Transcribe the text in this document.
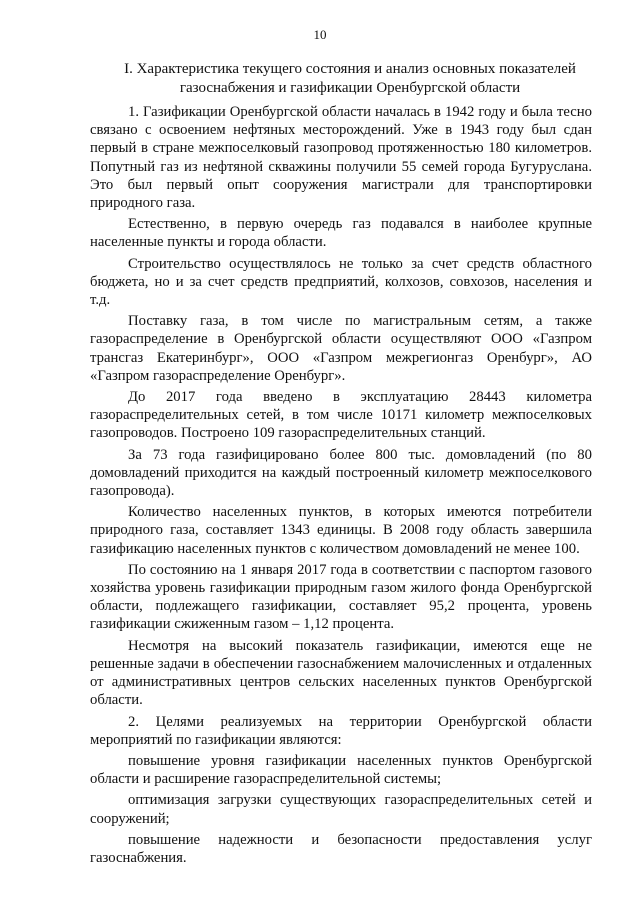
10
I. Характеристика текущего состояния и анализ основных показателей газоснабжения и газификации Оренбургской области

1. Газификации Оренбургской области началась в 1942 году и была тесно связано с освоением нефтяных месторождений. Уже в 1943 году был сдан первый в стране межпоселковый газопровод протяженностью 180 километров. Попутный газ из нефтяной скважины получили 55 семей города Бугуруслана. Это был первый опыт сооружения магистрали для транспортировки природного газа.

Естественно, в первую очередь газ подавался в наиболее крупные населенные пункты и города области.

Строительство осуществлялось не только за счет средств областного бюджета, но и за счет средств предприятий, колхозов, совхозов, населения и т.д.

Поставку газа, в том числе по магистральным сетям, а также газораспределение в Оренбургской области осуществляют ООО «Газпром трансгаз Екатеринбург», ООО «Газпром межрегионгаз Оренбург», АО «Газпром газораспределение Оренбург».

До 2017 года введено в эксплуатацию 28443 километра газораспределительных сетей, в том числе 10171 километр межпоселковых газопроводов. Построено 109 газораспределительных станций.

За 73 года газифицировано более 800 тыс. домовладений (по 80 домовладений приходится на каждый построенный километр межпоселкового газопровода).

Количество населенных пунктов, в которых имеются потребители природного газа, составляет 1343 единицы. В 2008 году область завершила газификацию населенных пунктов с количеством домовладений не менее 100.

По состоянию на 1 января 2017 года в соответствии с паспортом газового хозяйства уровень газификации природным газом жилого фонда Оренбургской области, подлежащего газификации, составляет 95,2 процента, уровень газификации сжиженным газом – 1,12 процента.

Несмотря на высокий показатель газификации, имеются еще не решенные задачи в обеспечении газоснабжением малочисленных и отдаленных от административных центров сельских населенных пунктов Оренбургской области.

2. Целями реализуемых на территории Оренбургской области мероприятий по газификации являются:

повышение уровня газификации населенных пунктов Оренбургской области и расширение газораспределительной системы;

оптимизация загрузки существующих газораспределительных сетей и сооружений;

повышение надежности и безопасности предоставления услуг газоснабжения.
